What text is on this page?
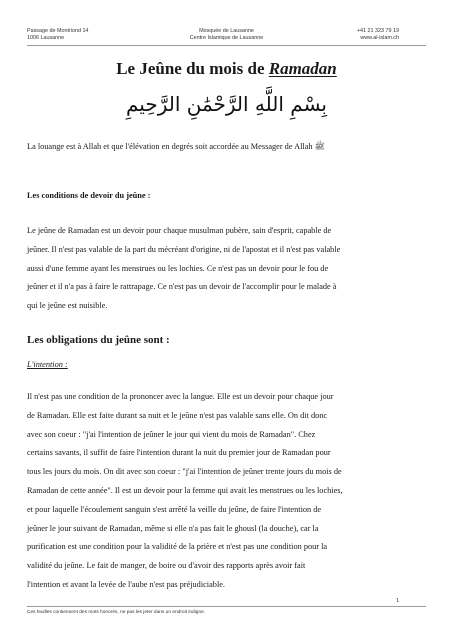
Passage de Montriond 14
1006 Lausanne
Mosquée de Lausanne
Centre Islamique de Lausanne
+41 21 323 79 19
www.al-islam.ch
Le Jeûne du mois de Ramadan
بِسْمِ اللَّهِ الرَّحْمَٰنِ الرَّحِيمِ

La louange est à Allah et que l'élévation en degrés soit accordée au Messager de Allah ﷺ

Les conditions de devoir du jeûne :
Le jeûne de Ramadan est un devoir pour chaque musulman pubère, sain d'esprit, capable de
jeûner. Il n'est pas valable de la part du mécréant d'origine, ni de l'apostat et il n'est pas valable
aussi d'une femme ayant les menstrues ou les lochies. Ce n'est pas un devoir pour le fou de
jeûner et il n'a pas à faire le rattrapage. Ce n'est pas un devoir de l'accomplir pour le malade à
qui le jeûne est nuisible.
Les obligations du jeûne sont :
L'intention :
Il n'est pas une condition de la prononcer avec la langue. Elle est un devoir pour chaque jour
de Ramadan. Elle est faite durant sa nuit et le jeûne n'est pas valable sans elle. On dit donc
avec son coeur : "j'ai l'intention de jeûner le jour qui vient du mois de Ramadan". Chez
certains savants, il suffit de faire l'intention durant la nuit du premier jour de Ramadan pour
tous les jours du mois. On dit avec son coeur : "j'ai l'intention de jeûner trente jours du mois de
Ramadan de cette année". Il est un devoir pour la femme qui avait les menstrues ou les lochies,
et pour laquelle l'écoulement sanguin s'est arrêté la veille du jeûne, de faire l'intention de
jeûner le jour suivant de Ramadan, même si elle n'a pas fait le ghousl (la douche), car la
purification est une condition pour la validité de la prière et n'est pas une condition pour la
validité du jeûne. Le fait de manger, de boire ou d'avoir des rapports après avoir fait
l'intention et avant la levée de l'aube n'est pas préjudiciable.
1
Ces feuilles contiennent des mots honorés, ne pas les jeter dans un endroit indigne.
